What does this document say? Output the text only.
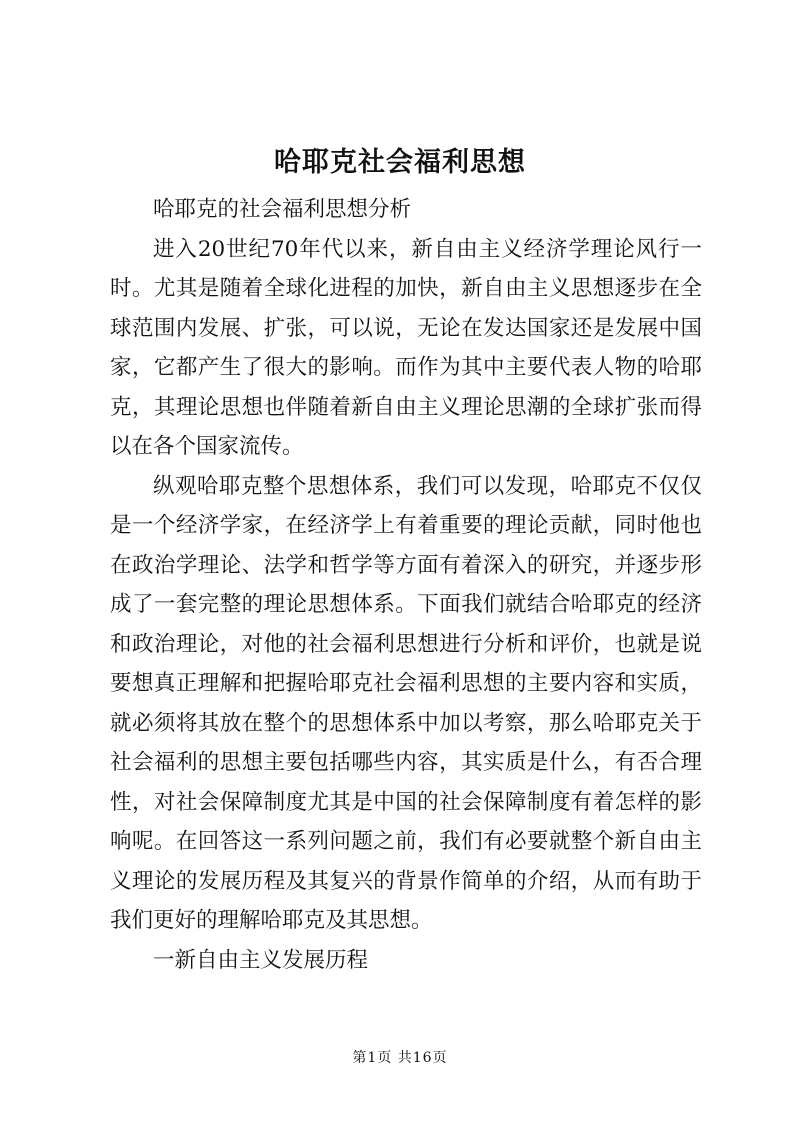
哈耶克社会福利思想

哈耶克的社会福利思想分析

进入20世纪70年代以来，新自由主义经济学理论风行一时。尤其是随着全球化进程的加快，新自由主义思想逐步在全球范围内发展、扩张，可以说，无论在发达国家还是发展中国家，它都产生了很大的影响。而作为其中主要代表人物的哈耶克，其理论思想也伴随着新自由主义理论思潮的全球扩张而得以在各个国家流传。

纵观哈耶克整个思想体系，我们可以发现，哈耶克不仅仅是一个经济学家，在经济学上有着重要的理论贡献，同时他也在政治学理论、法学和哲学等方面有着深入的研究，并逐步形成了一套完整的理论思想体系。下面我们就结合哈耶克的经济和政治理论，对他的社会福利思想进行分析和评价，也就是说要想真正理解和把握哈耶克社会福利思想的主要内容和实质，就必须将其放在整个的思想体系中加以考察，那么哈耶克关于社会福利的思想主要包括哪些内容，其实质是什么，有否合理性，对社会保障制度尤其是中国的社会保障制度有着怎样的影响呢。在回答这一系列问题之前，我们有必要就整个新自由主义理论的发展历程及其复兴的背景作简单的介绍，从而有助于我们更好的理解哈耶克及其思想。

一新自由主义发展历程

第1页 共16页
